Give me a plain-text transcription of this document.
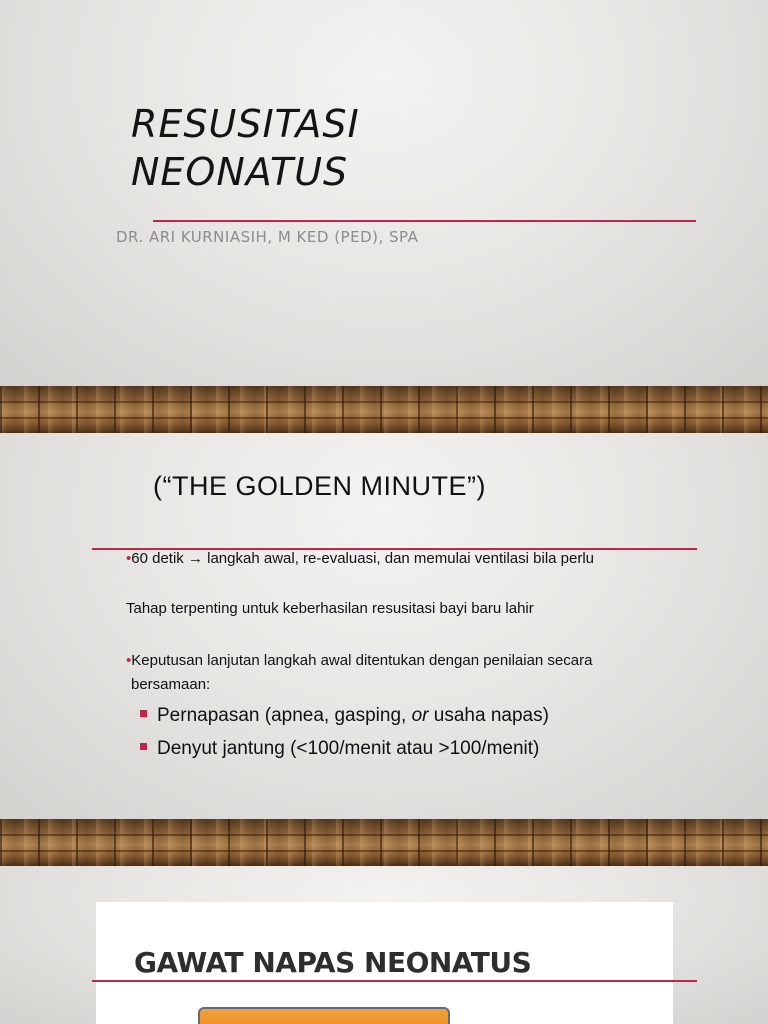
RESUSITASI
NEONATUS
DR. ARI KURNIASIH, M KED (PED), SPA
(“THE GOLDEN MINUTE”)
•60 detik → langkah awal, re-evaluasi, dan memulai ventilasi bila perlu
Tahap terpenting untuk keberhasilan resusitasi bayi baru lahir
•Keputusan lanjutan langkah awal ditentukan dengan penilaian secara
bersamaan:
Pernapasan (apnea, gasping, or usaha napas)
Denyut jantung (<100/menit atau >100/menit)
GAWAT NAPAS NEONATUS
